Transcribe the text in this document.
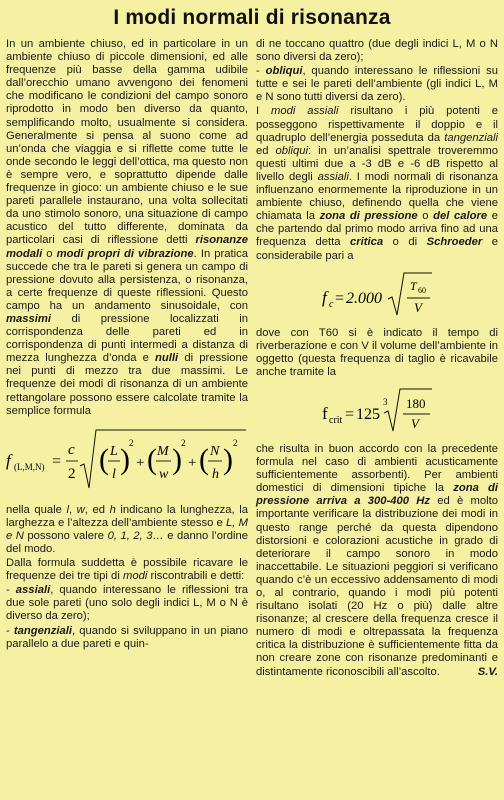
I modi normali di risonanza

In un ambiente chiuso, ed in particolare in un ambiente chiuso di piccole dimensioni, ed alle frequenze più basse della gamma udibile dall’orecchio umano avvengono dei fenomeni che modificano le condizioni del campo sonoro riprodotto in modo ben diverso da quanto, semplificando molto, usualmente si considera. Generalmente si pensa al suono come ad un’onda che viaggia e si riflette come tutte le onde secondo le leggi dell’ottica, ma questo non è sempre vero, e soprattutto dipende dalle frequenze in gioco: un ambiente chiuso e le sue pareti parallele instaurano, una volta sollecitati da uno stimolo sonoro, una situazione di campo acustico del tutto differente, dominata da particolari casi di riflessione detti risonanze modali o modi propri di vibrazione. In pratica succede che tra le pareti si genera un campo di pressione dovuto alla persistenza, o risonanza, a certe frequenze di queste riflessioni. Questo campo ha un andamento sinusoidale, con massimi di pressione localizzati in corrispondenza delle pareti ed in corrispondenza di punti intermedi a distanza di mezza lunghezza d’onda e nulli di pressione nei punti di mezzo tra due massimi. Le frequenze dei modi di risonanza di un ambiente rettangolare possono essere calcolate tramite la semplice formula

f (L,M,N) =
c
2 ( L
l ) 2
+ ( M
w ) 2
+ ( N
h ) 2

nella quale l, w, ed h indicano la lunghezza, la larghezza e l’altezza dell’ambiente stesso e L, M e N possono valere 0, 1, 2, 3… e danno l’ordine del modo.

Dalla formula suddetta è possibile ricavare le frequenze dei tre tipi di modi riscontrabili e detti:

- assiali, quando interessano le riflessioni tra due sole pareti (uno solo degli indici L, M o N è diverso da zero);

- tangenziali, quando si sviluppano in un piano parallelo a due pareti e quin-

di ne toccano quattro (due degli indici L, M o N sono diversi da zero);

- obliqui, quando interessano le riflessioni su tutte e sei le pareti dell’ambiente (gli indici L, M e N sono tutti diversi da zero).

I modi assiali risultano i più potenti e posseggono rispettivamente il doppio e il quadruplo dell’energia posseduta da tangenziali ed obliqui: in un’analisi spettrale troveremmo questi ultimi due a -3 dB e -6 dB rispetto al livello degli assiali. I modi normali di risonanza influenzano enormemente la riproduzione in un ambiente chiuso, definendo quella che viene chiamata la zona di pressione o del calore e che partendo dal primo modo arriva fino ad una frequenza detta critica o di Schroeder e considerabile pari a

f c = 2.000
T 60
V

dove con T60 si è indicato il tempo di riverberazione e con V il volume dell’ambiente in oggetto (questa frequenza di taglio è ricavabile anche tramite la

f crit = 125
3 180
V

che risulta in buon accordo con la precedente formula nel caso di ambienti acusticamente sufficientemente assorbenti). Per ambienti domestici di dimensioni tipiche la zona di pressione arriva a 300-400 Hz ed è molto importante verificare la distribuzione dei modi in questo range perché da questa dipendono distorsioni e colorazioni acustiche in grado di deteriorare il campo sonoro in modo inaccettabile. Le situazioni peggiori si verificano quando c’è un eccessivo addensamento di modi o, al contrario, quando i modi più potenti risultano isolati (20 Hz o più) dalle altre risonanze; al crescere della frequenza cresce il numero di modi e oltrepassata la frequenza critica la distribuzione è sufficientemente fitta da non creare zone con risonanze predominanti e distintamente riconoscibili all’ascolto.	S.V.
